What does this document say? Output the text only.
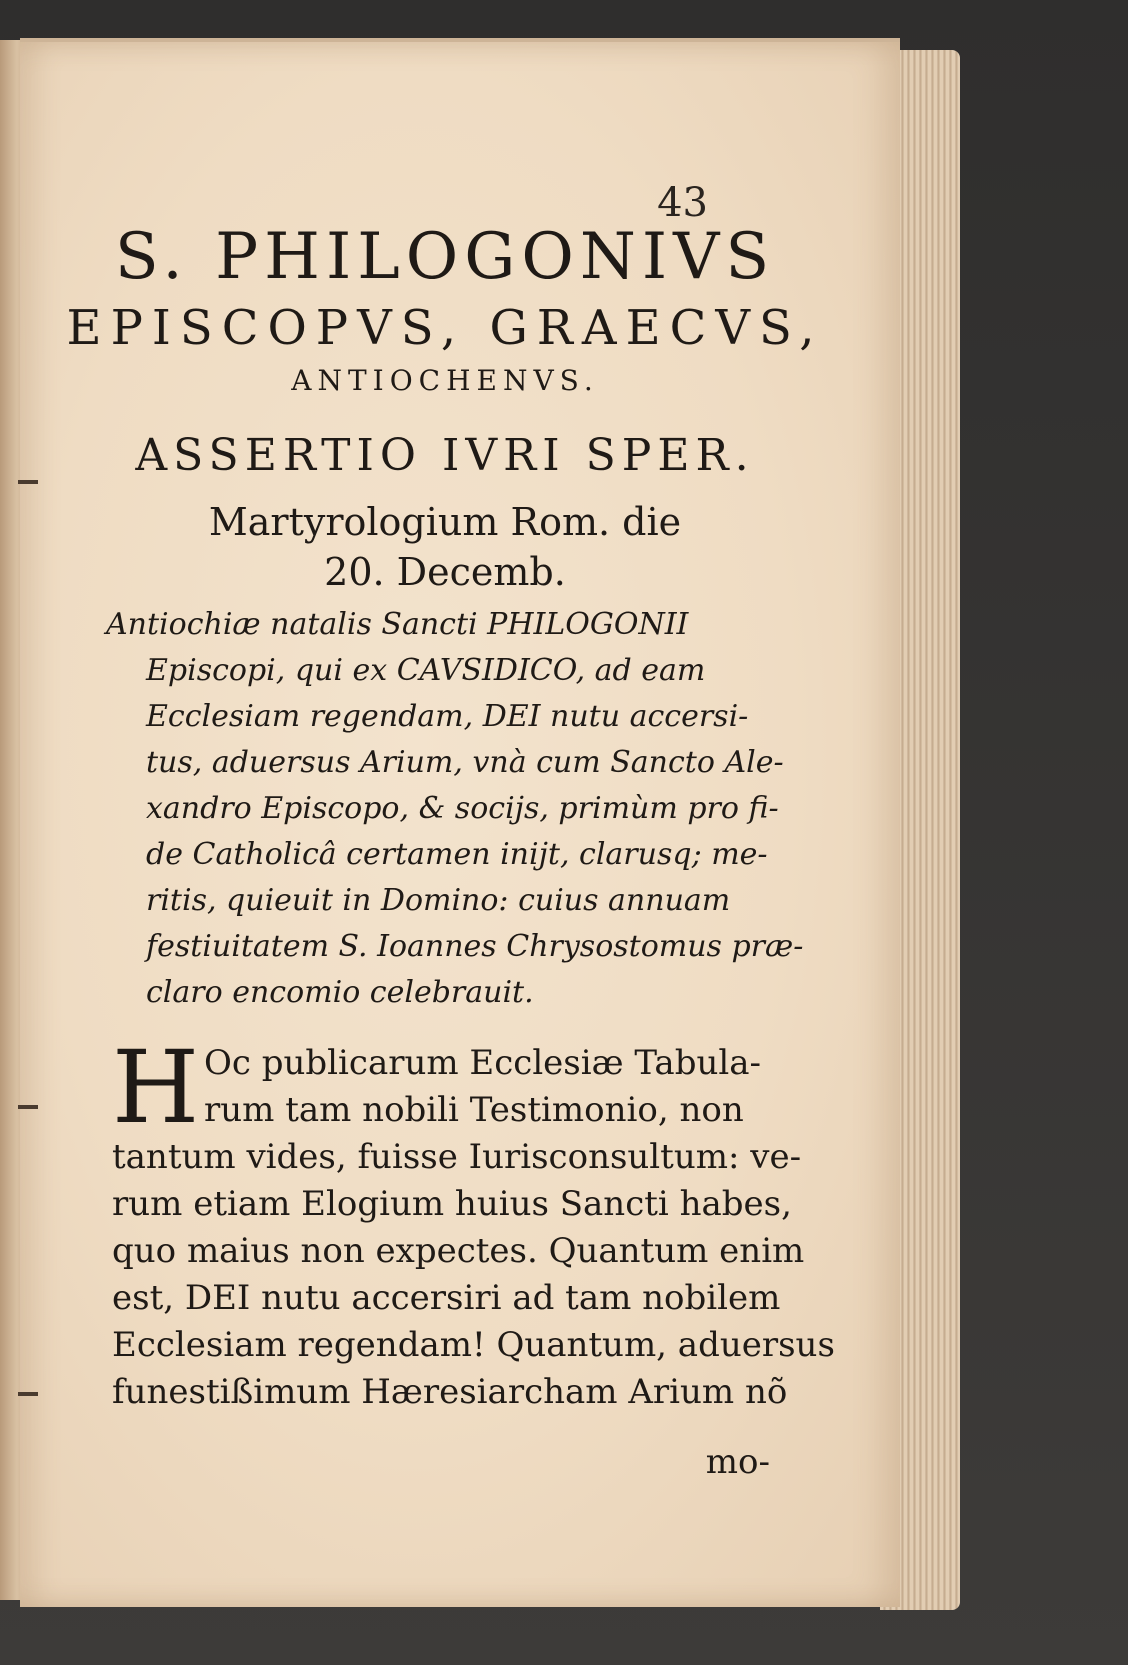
43
S. PHILOGONIVS
EPISCOPVS, GRAECVS,
ANTIOCHENVS.
ASSERTIO IVRI SPER.
Martyrologium Rom. die
20. Decemb.
Antiochiæ natalis Sancti PHILOGONII
Episcopi, qui ex CAVSIDICO, ad eam
Ecclesiam regendam, DEI nutu accersi-
tus, aduersus Arium, vnà cum Sancto Ale-
xandro Episcopo, & socijs, primùm pro fi-
de Catholicâ certamen inijt, clarusq; me-
ritis, quieuit in Domino: cuius annuam
festiuitatem S. Ioannes Chrysostomus præ-
claro encomio celebrauit.
H Oc publicarum Ecclesiæ Tabula-
rum tam nobili Testimonio, non
tantum vides, fuisse Iurisconsultum: ve-
rum etiam Elogium huius Sancti habes,
quo maius non expectes. Quantum enim
est, DEI nutu accersiri ad tam nobilem
Ecclesiam regendam! Quantum, aduersus
funestißimum Hæresiarcham Arium nõ
mo-
